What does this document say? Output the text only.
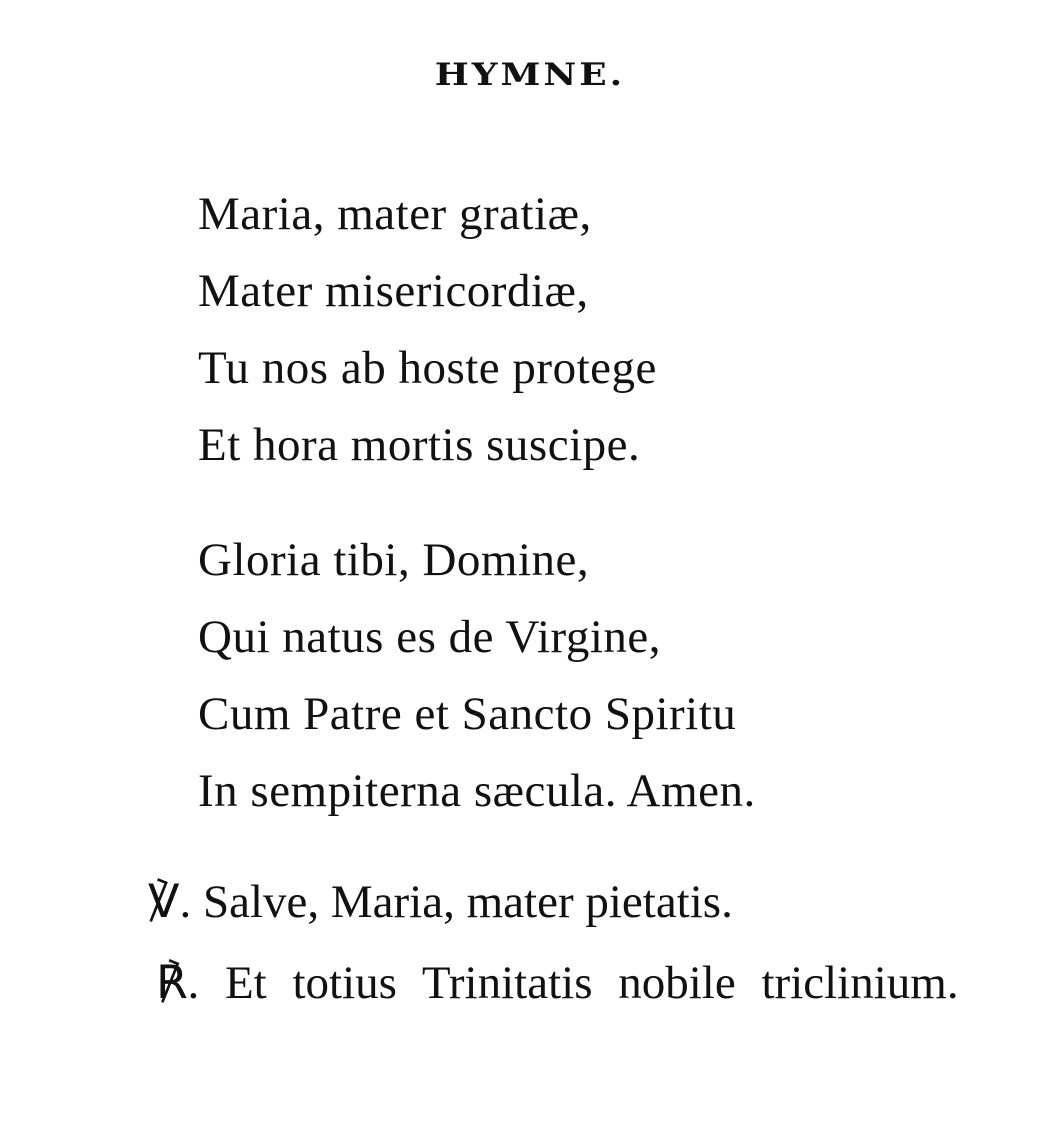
HYMNE.
Maria, mater gratiæ,
Mater misericordiæ,
Tu nos ab hoste protege
Et hora mortis suscipe.
Gloria tibi, Domine,
Qui natus es de Virgine,
Cum Patre et Sancto Spiritu
In sempiterna sæcula. Amen.
℣. Salve, Maria, mater pietatis.
℟. Et totius Trinitatis nobile triclinium.
